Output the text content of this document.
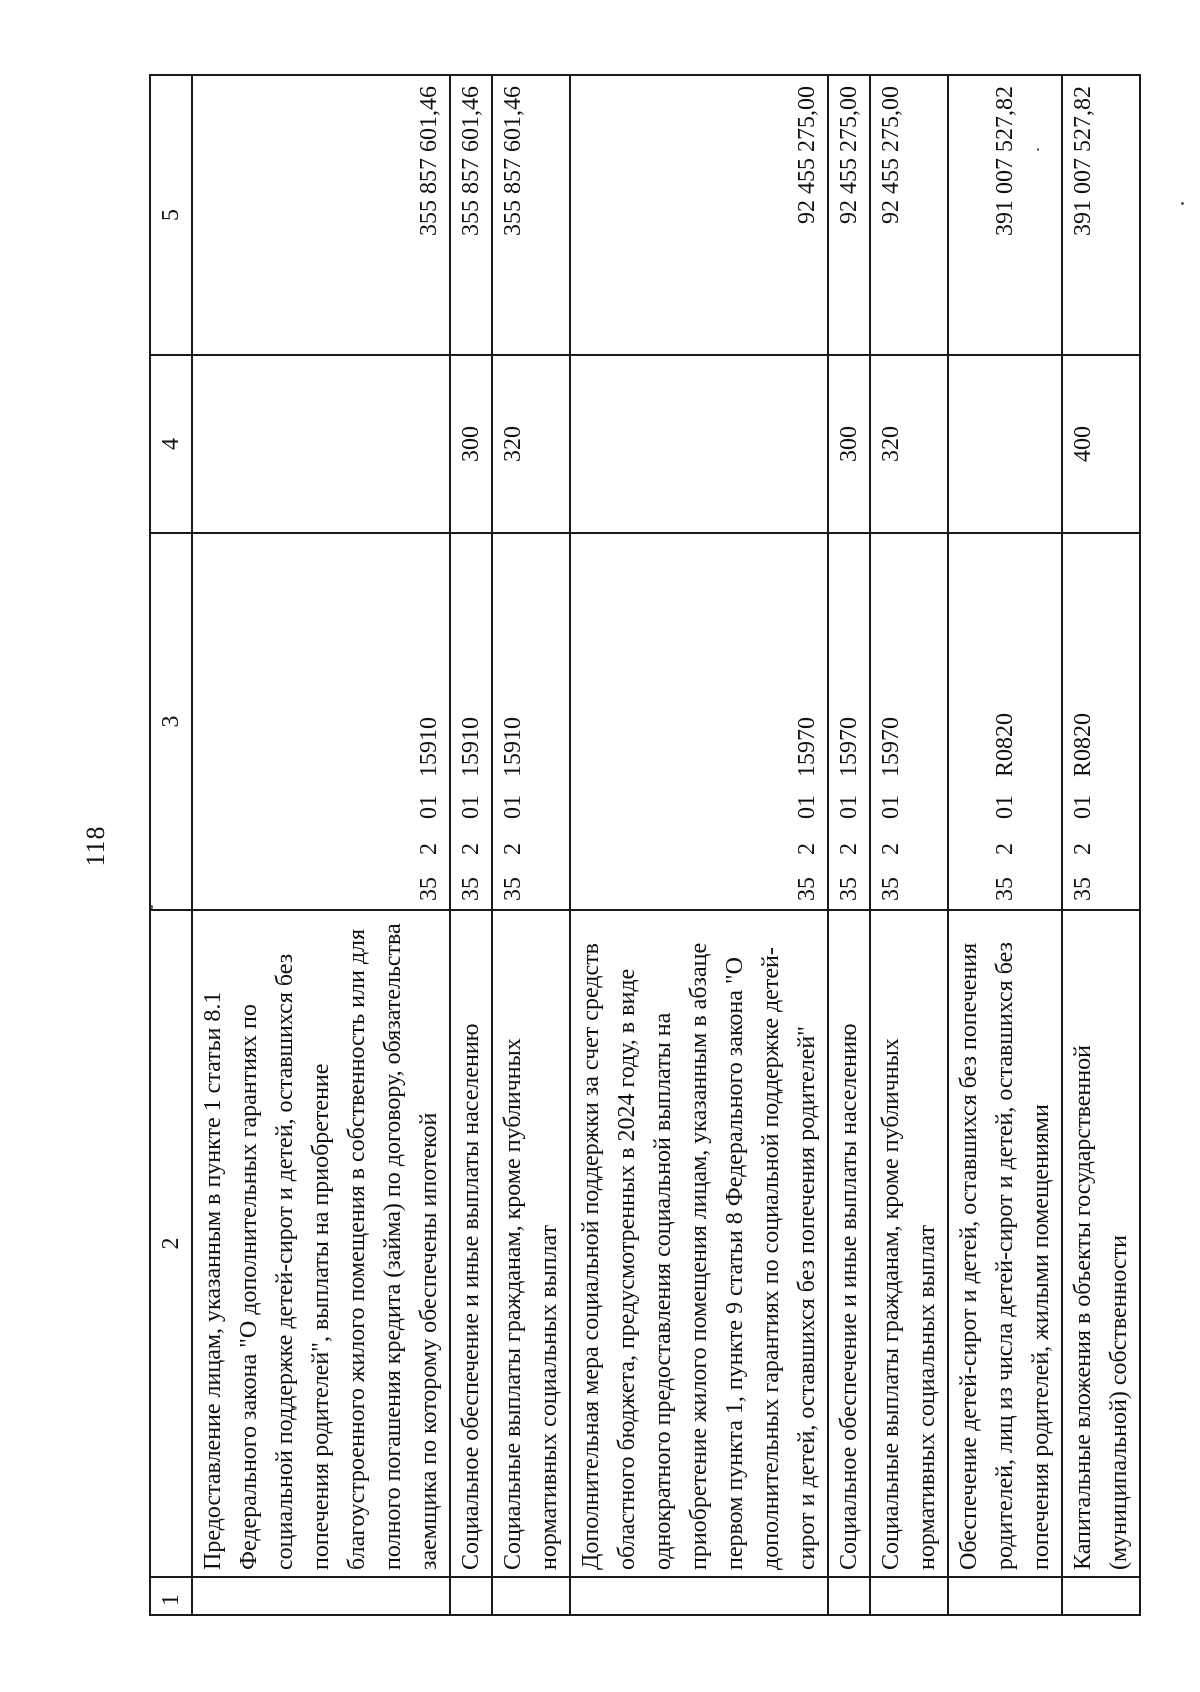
118
1	2	3	4	5
	Предоставление лицам, указанным в пункте 1 статьи 8.1 Федерального закона "О дополнительных гарантиях по социальной поддержке детей-сирот и детей, оставшихся без попечения родителей", выплаты на приобретение благоустроенного жилого помещения в собственность или для полного погашения кредита (займа) по договору, обязательства заемщика по которому обеспечены ипотекой	3520115910		355 857 601,46
	Социальное обеспечение и иные выплаты населению	3520115910	300	355 857 601,46
	Социальные выплаты гражданам, кроме публичных нормативных социальных выплат	3520115910	320	355 857 601,46
	Дополнительная мера социальной поддержки за счет средств областного бюджета, предусмотренных в 2024 году, в виде однократного предоставления социальной выплаты на приобретение жилого помещения лицам, указанным в абзаце первом пункта 1, пункте 9 статьи 8 Федерального закона "О дополнительных гарантиях по социальной поддержке детей-сирот и детей, оставшихся без попечения родителей"	3520115970		92 455 275,00
	Социальное обеспечение и иные выплаты населению	3520115970	300	92 455 275,00
	Социальные выплаты гражданам, кроме публичных нормативных социальных выплат	3520115970	320	92 455 275,00
	Обеспечение детей-сирот и детей, оставшихся без попечения родителей, лиц из числа детей-сирот и детей, оставшихся без попечения родителей, жилыми помещениями	35201R0820		391 007 527,82
	Капитальные вложения в объекты государственной (муниципальной) собственности	35201R0820	400	391 007 527,82
